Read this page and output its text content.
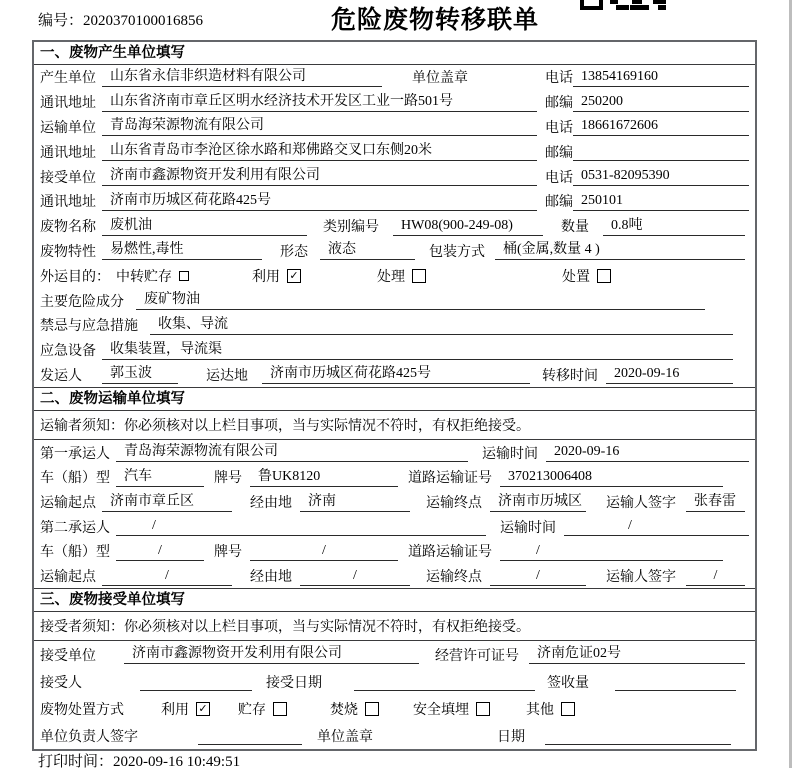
编号：2020370100016856	危险废物转移联单
一、废物产生单位填写
产生单位	山东省永信非织造材料有限公司	单位盖章	电话 13854169160
通讯地址	山东省济南市章丘区明水经济技术开发区工业一路501号	邮编 250200
运输单位	青岛海荣源物流有限公司	电话 18661672606
通讯地址	山东省青岛市李沧区徐水路和郑佛路交叉口东侧20米	邮编
接受单位	济南市鑫源物资开发利用有限公司	电话 0531-82095390
通讯地址	济南市历城区荷花路425号	邮编 250101
废物名称	废机油	类别编号	HW08(900-249-08)	数量	0.8吨
废物特性	易燃性,毒性	形态	液态	包装方式	桶(金属,数量 4 )
外运目的： 中转贮存	利用 ✓	处理	处置
主要危险成分	废矿物油
禁忌与应急措施	收集、导流
应急设备	收集装置，导流渠
发运人	郭玉波	运达地	济南市历城区荷花路425号	转移时间	2020-09-16
二、废物运输单位填写
运输者须知：你必须核对以上栏目事项，当与实际情况不符时，有权拒绝接受。
第一承运人	青岛海荣源物流有限公司	运输时间	2020-09-16
车（船）型	汽车	牌号	鲁UK8120	道路运输证号	370213006408
运输起点	济南市章丘区	经由地	济南	运输终点	济南市历城区 运输人签字	张春雷
第二承运人	/	运输时间	/
车（船）型	/	牌号	/	道路运输证号	/
运输起点	/	经由地	/	运输终点	/	运输人签字	/
三、废物接受单位填写
接受者须知：你必须核对以上栏目事项，当与实际情况不符时，有权拒绝接受。
接受单位	济南市鑫源物资开发利用有限公司	经营许可证号	济南危证02号
接受人	接受日期	签收量
废物处置方式	利用 ✓ 贮存	焚烧	安全填埋	其他
单位负责人签字	单位盖章	日期
打印时间：2020-09-16 10:49:51
